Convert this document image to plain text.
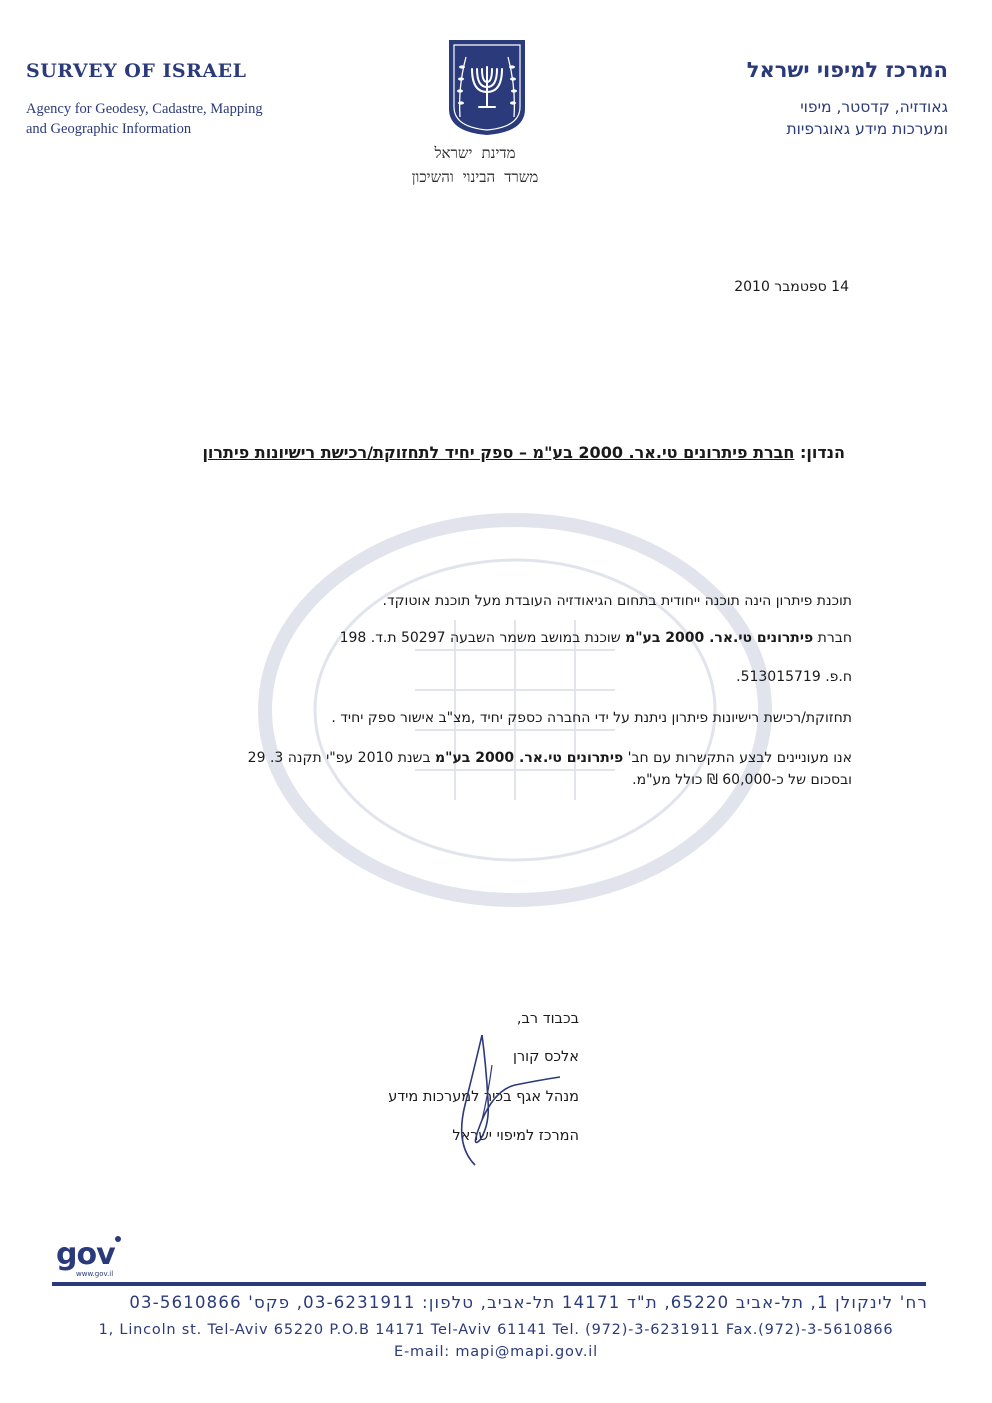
SURVEY OF ISRAEL
Agency for Geodesy, Cadastre, Mapping
and Geographic Information
מדינת ישראל
משרד הבינוי והשיכון
המרכז למיפוי ישראל
גאודזיה, קדסטר, מיפוי
ומערכות מידע גאוגרפיות
14 ספטמבר 2010
הנדון: חברת פיתרונים טי.אר. 2000 בע"מ – ספק יחיד לתחזוקת/רכישת רישיונות פיתרון
תוכנת פיתרון הינה תוכנה ייחודית בתחום הגיאודזיה העובדת מעל תוכנת אוטוקד.
חברת פיתרונים טי.אר. 2000 בע"מ שוכנת במושב משמר השבעה 50297 ת.ד. 198
ח.פ. 513015719.
תחזוקת/רכישת רישיונות פיתרון ניתנת על ידי החברה כספק יחיד ,מצ"ב אישור ספק יחיד .
אנו מעוניינים לבצע התקשרות עם חב' פיתרונים טי.אר. 2000 בע"מ בשנת 2010 עפ"י תקנה 3. 29
ובסכום של כ-60,000 ₪ כולל מע"מ.
בכבוד רב,
אלכס קורן
מנהל אגף בכיר למערכות מידע
המרכז למיפוי ישראל
gov
www.gov.il
רח' לינקולן 1, תל-אביב 65220, ת"ד 14171 תל-אביב, טלפון: 03-6231911, פקס' 03-5610866
1, Lincoln st. Tel-Aviv 65220 P.O.B 14171 Tel-Aviv 61141 Tel. (972)-3-6231911 Fax.(972)-3-5610866
E-mail: mapi@mapi.gov.il
